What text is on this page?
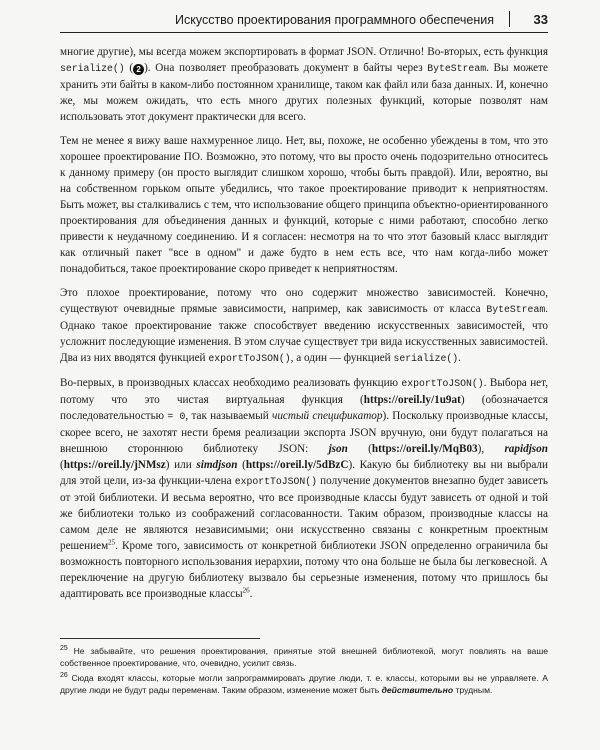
Искусство проектирования программного обеспечения	33

многие другие), мы всегда можем экспортировать в формат JSON. Отлично! Во-вторых, есть функция serialize() ( 2 ). Она позволяет преобразовать документ в байты через ByteStream. Вы можете хранить эти байты в каком-либо постоянном хранилище, таком как файл или база данных. И, конечно же, мы можем ожидать, что есть много других полезных функций, которые позволят нам использовать этот документ практически для всего.

Тем не менее я вижу ваше нахмуренное лицо. Нет, вы, похоже, не особенно убеждены в том, что это хорошее проектирование ПО. Возможно, это потому, что вы просто очень подозрительно относитесь к данному примеру (он просто выглядит слишком хорошо, чтобы быть правдой). Или, вероятно, вы на собственном горьком опыте убедились, что такое проектирование приводит к неприятностям. Быть может, вы сталкивались с тем, что использование общего принципа объектно-ориентированного проектирования для объединения данных и функций, которые с ними работают, способно легко привести к неудачному соединению. И я согласен: несмотря на то что этот базовый класс выглядит как отличный пакет "все в одном" и даже будто в нем есть все, что нам когда-либо может понадобиться, такое проектирование скоро приведет к неприятностям.

Это плохое проектирование, потому что оно содержит множество зависимостей. Конечно, существуют очевидные прямые зависимости, например, как зависимость от класса ByteStream. Однако такое проектирование также способствует введению искусственных зависимостей, что усложнит последующие изменения. В этом случае существует три вида искусственных зависимостей. Два из них вводятся функцией exportToJSON(), а один — функцией serialize().

Во-первых, в производных классах необходимо реализовать функцию exportToJSON(). Выбора нет, потому что это чистая виртуальная функция (https://oreil.ly/1u9at) (обозначается последовательностью = 0, так называемый чистый спецификатор). Поскольку производные классы, скорее всего, не захотят нести бремя реализации экспорта JSON вручную, они будут полагаться на внешнюю стороннюю библиотеку JSON: json (https://oreil.ly/MqB03), rapidjson (https://oreil.ly/jNMsz) или simdjson (https://oreil.ly/5dBzC). Какую бы библиотеку вы ни выбрали для этой цели, из-за функции-члена exportToJSON() получение документов внезапно будет зависеть от этой библиотеки. И весьма вероятно, что все производные классы будут зависеть от одной и той же библиотеки только из соображений согласованности. Таким образом, производные классы на самом деле не являются независимыми; они искусственно связаны с конкретным проектным решением$^{25}$. Кроме того, зависимость от конкретной библиотеки JSON определенно ограничила бы возможность повторного использования иерархии, потому что она больше не была бы легковесной. А переключение на другую библиотеку вызвало бы серьезные изменения, потому что пришлось бы адаптировать все производные классы$^{26}$.

$^{25}$ Не забывайте, что решения проектирования, принятые этой внешней библиотекой, могут повлиять на ваше собственное проектирование, что, очевидно, усилит связь.

$^{26}$ Сюда входят классы, которые могли запрограммировать другие люди, т. е. классы, которыми вы не управляете. А другие люди не будут рады переменам. Таким образом, изменение может быть действительно трудным.
